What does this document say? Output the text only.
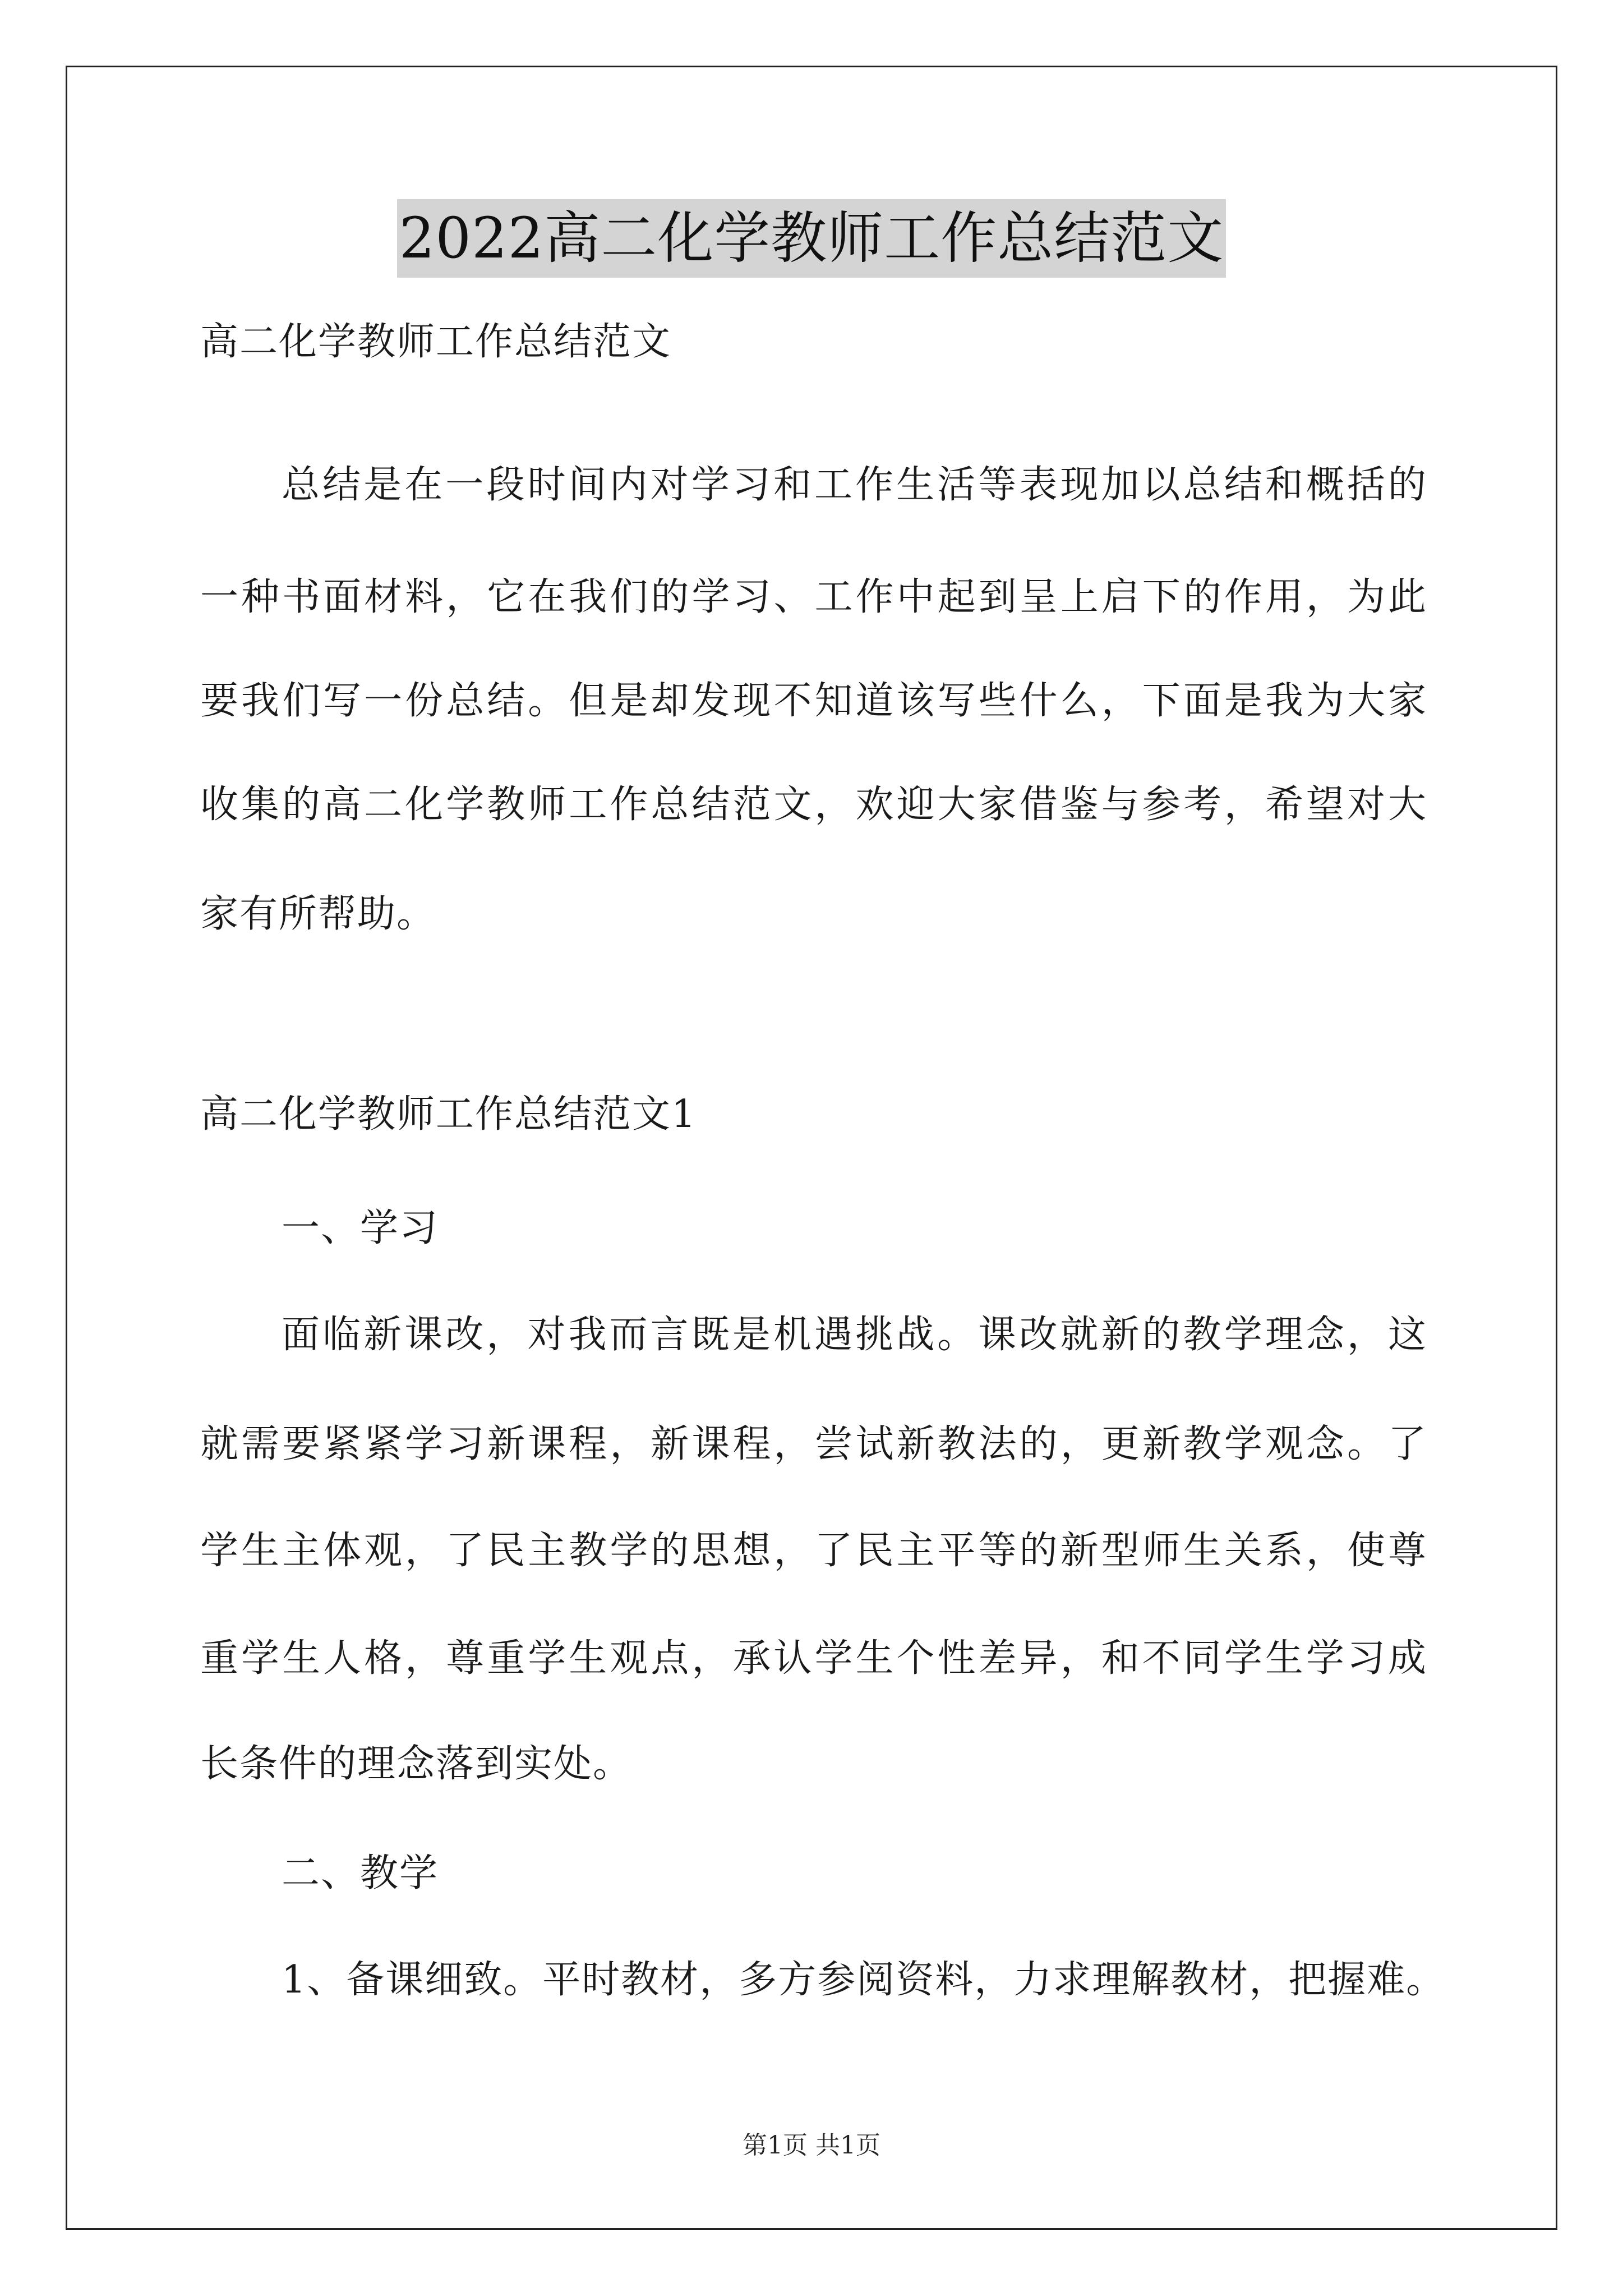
2022高二化学教师工作总结范文
高二化学教师工作总结范文
总结是在一段时间内对学习和工作生活等表现加以总结和概括的
一种书面材料，它在我们的学习、工作中起到呈上启下的作用，为此
要我们写一份总结。但是却发现不知道该写些什么，下面是我为大家
收集的高二化学教师工作总结范文，欢迎大家借鉴与参考，希望对大
家有所帮助。
高二化学教师工作总结范文1
一、学习
面临新课改，对我而言既是机遇挑战。课改就新的教学理念，这
就需要紧紧学习新课程，新课程，尝试新教法的，更新教学观念。了
学生主体观，了民主教学的思想，了民主平等的新型师生关系，使尊
重学生人格，尊重学生观点，承认学生个性差异，和不同学生学习成
长条件的理念落到实处。
二、教学
1、备课细致。平时教材，多方参阅资料，力求理解教材，把握难。
第1页 共1页
